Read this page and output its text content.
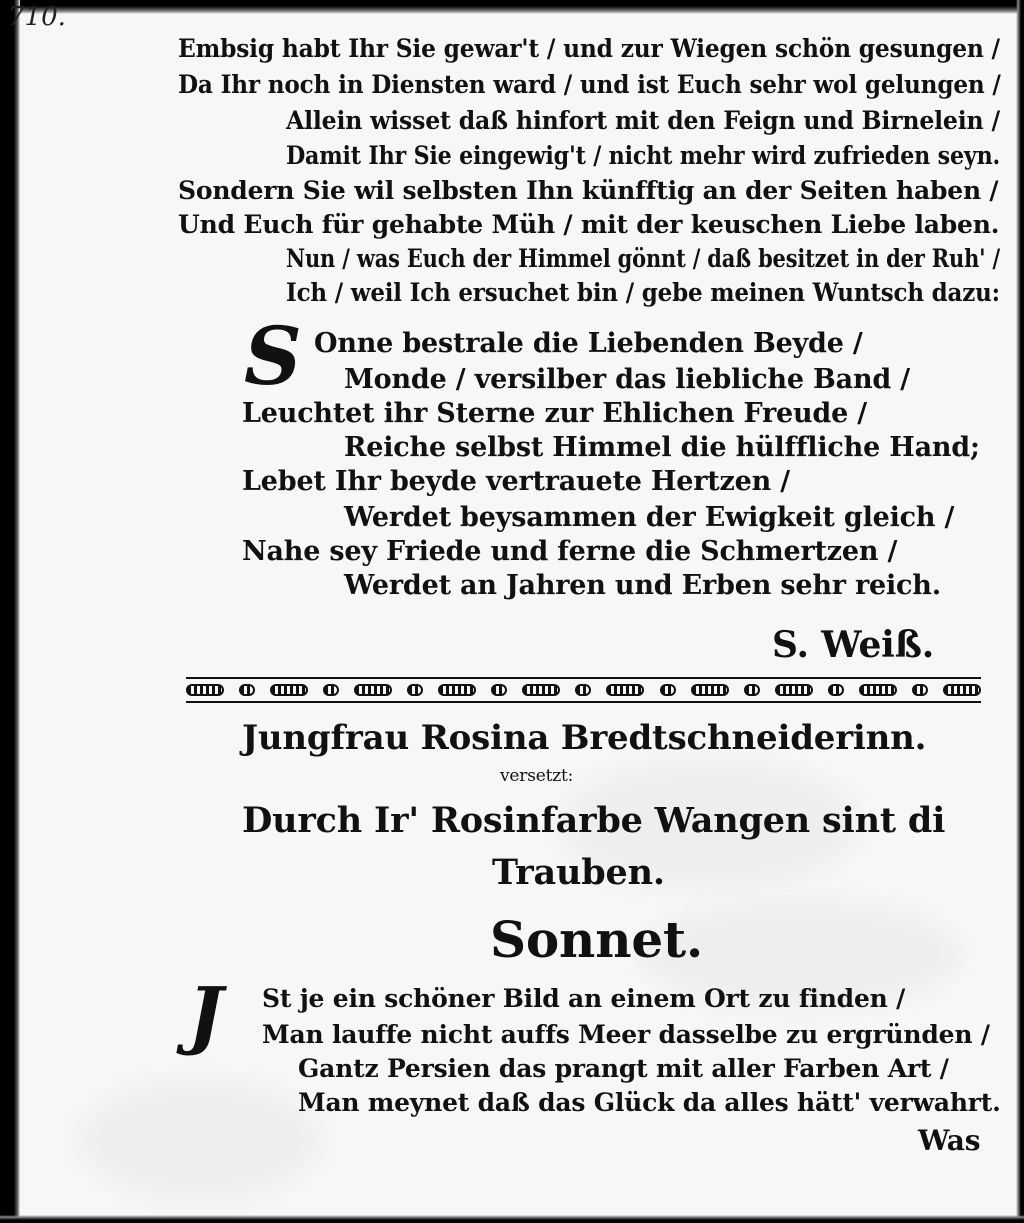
710.
Embsig habt Ihr Sie gewar't / und zur Wiegen schön gesungen /
Da Ihr noch in Diensten ward / und ist Euch sehr wol gelungen /
Allein wisset daß hinfort mit den Feign und Birnelein /
Damit Ihr Sie eingewig't / nicht mehr wird zufrieden seyn.
Sondern Sie wil selbsten Ihn künfftig an der Seiten haben /
Und Euch für gehabte Müh / mit der keuschen Liebe laben.
Nun / was Euch der Himmel gönnt / daß besitzet in der Ruh' /
Ich / weil Ich ersuchet bin / gebe meinen Wuntsch dazu:
S Onne bestrale die Liebenden Beyde /
Monde / versilber das liebliche Band /
Leuchtet ihr Sterne zur Ehlichen Freude /
Reiche selbst Himmel die hülffliche Hand;
Lebet Ihr beyde vertrauete Hertzen /
Werdet beysammen der Ewigkeit gleich /
Nahe sey Friede und ferne die Schmertzen /
Werdet an Jahren und Erben sehr reich.
S. Weiß.
Jungfrau Rosina Bredtschneiderinn.
versetzt:
Durch Ir' Rosinfarbe Wangen sint di
Trauben.
Sonnet.
J St je ein schöner Bild an einem Ort zu finden /
Man lauffe nicht auffs Meer dasselbe zu ergründen /
Gantz Persien das prangt mit aller Farben Art /
Man meynet daß das Glück da alles hätt' verwahrt.
Was
